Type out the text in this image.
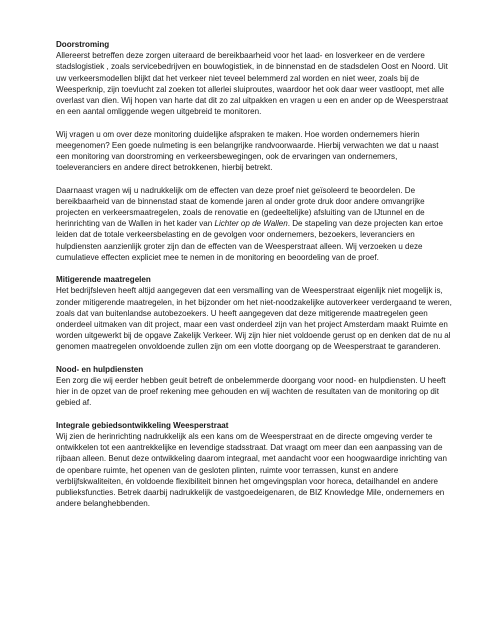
Doorstroming

Allereerst betreffen deze zorgen uiteraard de bereikbaarheid voor het laad- en losverkeer en de verdere stadslogistiek , zoals servicebedrijven en bouwlogistiek, in de binnenstad en de stadsdelen Oost en Noord. Uit uw verkeersmodellen blijkt dat het verkeer niet teveel belemmerd zal worden en niet weer, zoals bij de Weesperknip, zijn toevlucht zal zoeken tot allerlei sluiproutes, waardoor het ook daar weer vastloopt, met alle overlast van dien. Wij hopen van harte dat dit zo zal uitpakken en vragen u een en ander op de Weesperstraat en een aantal omliggende wegen uitgebreid te monitoren.

Wij vragen u om over deze monitoring duidelijke afspraken te maken. Hoe worden ondernemers hierin meegenomen? Een goede nulmeting is een belangrijke randvoorwaarde. Hierbij verwachten we dat u naast een monitoring van doorstroming en verkeersbewegingen, ook de ervaringen van ondernemers, toeleveranciers en andere direct betrokkenen, hierbij betrekt.

Daarnaast vragen wij u nadrukkelijk om de effecten van deze proef niet geïsoleerd te beoordelen. De bereikbaarheid van de binnenstad staat de komende jaren al onder grote druk door andere omvangrijke projecten en verkeersmaatregelen, zoals de renovatie en (gedeeltelijke) afsluiting van de IJtunnel en de herinrichting van de Wallen in het kader van Lichter op de Wallen. De stapeling van deze projecten kan ertoe leiden dat de totale verkeersbelasting en de gevolgen voor ondernemers, bezoekers, leveranciers en hulpdiensten aanzienlijk groter zijn dan de effecten van de Weesperstraat alleen. Wij verzoeken u deze cumulatieve effecten expliciet mee te nemen in de monitoring en beoordeling van de proef.

Mitigerende maatregelen

Het bedrijfsleven heeft altijd aangegeven dat een versmalling van de Weesperstraat eigenlijk niet mogelijk is, zonder mitigerende maatregelen, in het bijzonder om het niet-noodzakelijke autoverkeer verdergaand te weren, zoals dat van buitenlandse autobezoekers. U heeft aangegeven dat deze mitigerende maatregelen geen onderdeel uitmaken van dit project, maar een vast onderdeel zijn van het project Amsterdam maakt Ruimte en worden uitgewerkt bij de opgave Zakelijk Verkeer. Wij zijn hier niet voldoende gerust op en denken dat de nu al genomen maatregelen onvoldoende zullen zijn om een vlotte doorgang op de Weesperstraat te garanderen.

Nood- en hulpdiensten

Een zorg die wij eerder hebben geuit betreft de onbelemmerde doorgang voor nood- en hulpdiensten. U heeft hier in de opzet van de proef rekening mee gehouden en wij wachten de resultaten van de monitoring op dit gebied af.

Integrale gebiedsontwikkeling Weesperstraat

Wij zien de herinrichting nadrukkelijk als een kans om de Weesperstraat en de directe omgeving verder te ontwikkelen tot een aantrekkelijke en levendige stadsstraat. Dat vraagt om meer dan een aanpassing van de rijbaan alleen. Benut deze ontwikkeling daarom integraal, met aandacht voor een hoogwaardige inrichting van de openbare ruimte, het openen van de gesloten plinten, ruimte voor terrassen, kunst en andere verblijfskwaliteiten, én voldoende flexibiliteit binnen het omgevingsplan voor horeca, detailhandel en andere publieksfuncties. Betrek daarbij nadrukkelijk de vastgoedeigenaren, de BIZ Knowledge Mile, ondernemers en andere belanghebbenden.
